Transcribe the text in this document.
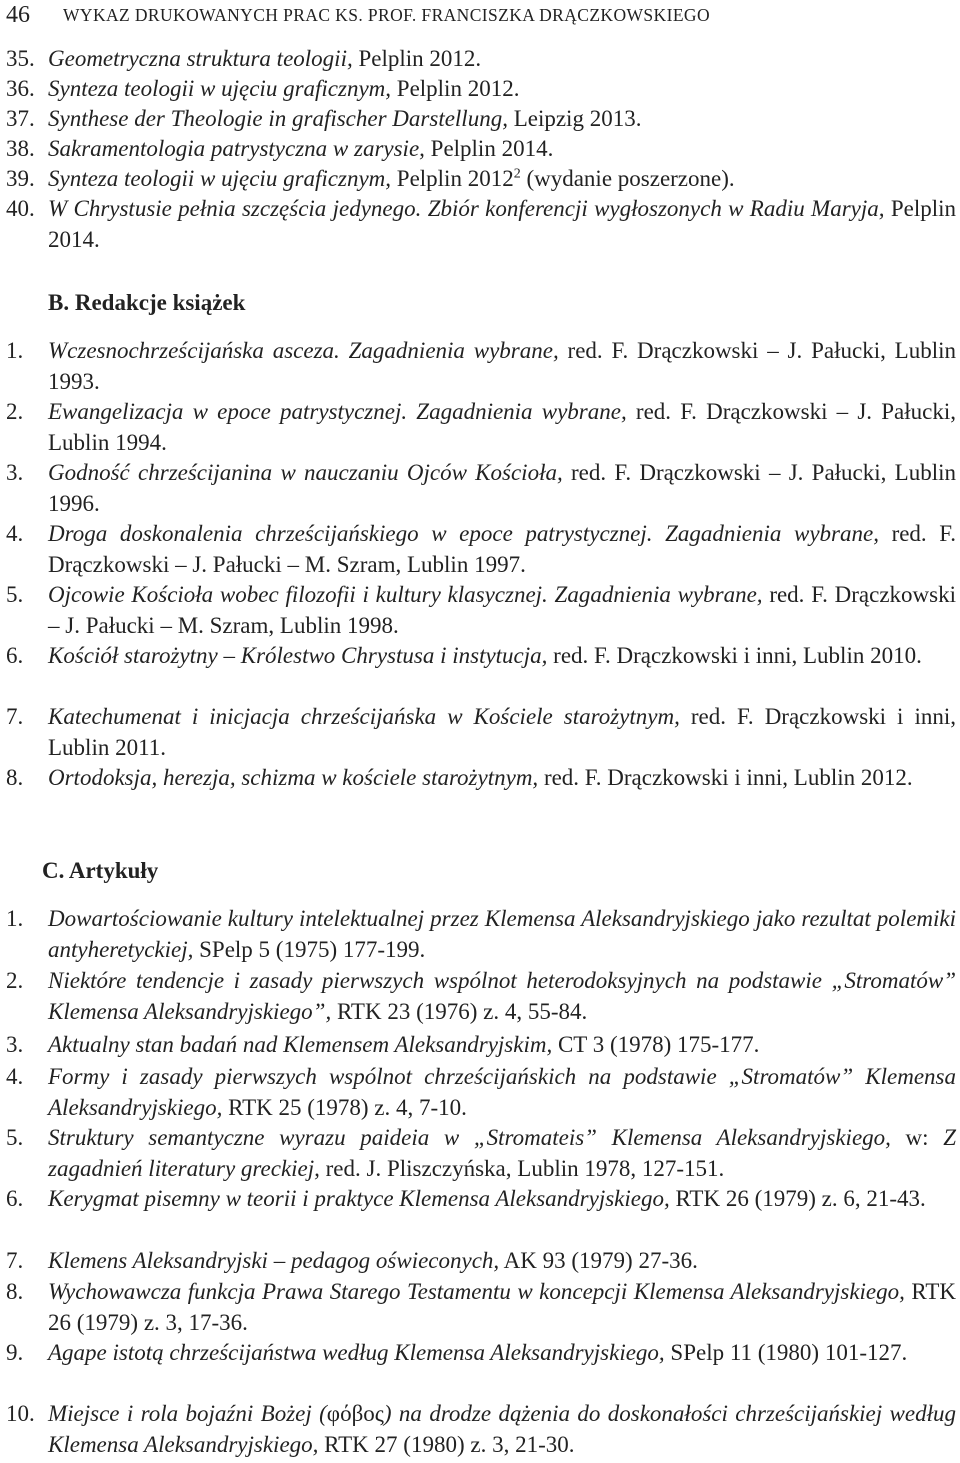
46 WYKAZ DRUKOWANYCH PRAC KS. PROF. FRANCISZKA DRĄCZKOWSKIEGO
35. Geometryczna struktura teologii, Pelplin 2012.
36. Synteza teologii w ujęciu graficznym, Pelplin 2012.
37. Synthese der Theologie in grafischer Darstellung, Leipzig 2013.
38. Sakramentologia patrystyczna w zarysie, Pelplin 2014.
39. Synteza teologii w ujęciu graficznym, Pelplin 2012$^2$ (wydanie poszerzone).
40. W Chrystusie pełnia szczęścia jedynego. Zbiór konferencji wygłoszonych w Radiu Maryja, Pelplin 2014.
B. Redakcje książek
1. Wczesnochrześcijańska asceza. Zagadnienia wybrane, red. F. Drączkowski – J. Pałucki, Lublin 1993.
2. Ewangelizacja w epoce patrystycznej. Zagadnienia wybrane, red. F. Drączkowski – J. Pałucki, Lublin 1994.
3. Godność chrześcijanina w nauczaniu Ojców Kościoła, red. F. Drączkowski – J. Pałucki, Lublin 1996.
4. Droga doskonalenia chrześcijańskiego w epoce patrystycznej. Zagadnienia wybrane, red. F. Drączkowski – J. Pałucki – M. Szram, Lublin 1997.
5. Ojcowie Kościoła wobec filozofii i kultury klasycznej. Zagadnienia wybrane, red. F. Drączkowski – J. Pałucki – M. Szram, Lublin 1998.
6. Kościół starożytny – Królestwo Chrystusa i instytucja, red. F. Drączkowski i inni, Lublin 2010.
7. Katechumenat i inicjacja chrześcijańska w Kościele starożytnym, red. F. Drączkowski i inni, Lublin 2011.
8. Ortodoksja, herezja, schizma w kościele starożytnym, red. F. Drączkowski i inni, Lublin 2012.
C. Artykuły
1. Dowartościowanie kultury intelektualnej przez Klemensa Aleksandryjskiego jako rezultat polemiki antyheretyckiej, SPelp 5 (1975) 177-199.
2. Niektóre tendencje i zasady pierwszych wspólnot heterodoksyjnych na podstawie „Stromatów” Klemensa Aleksandryjskiego”, RTK 23 (1976) z. 4, 55-84.
3. Aktualny stan badań nad Klemensem Aleksandryjskim, CT 3 (1978) 175-177.
4. Formy i zasady pierwszych wspólnot chrześcijańskich na podstawie „Stromatów” Klemensa Aleksandryjskiego, RTK 25 (1978) z. 4, 7-10.
5. Struktury semantyczne wyrazu paideia w „Stromateis” Klemensa Aleksandryjskiego, w: Z zagadnień literatury greckiej, red. J. Pliszczyńska, Lublin 1978, 127-151.
6. Kerygmat pisemny w teorii i praktyce Klemensa Aleksandryjskiego, RTK 26 (1979) z. 6, 21-43.
7. Klemens Aleksandryjski – pedagog oświeconych, AK 93 (1979) 27-36.
8. Wychowawcza funkcja Prawa Starego Testamentu w koncepcji Klemensa Aleksandryjskiego, RTK 26 (1979) z. 3, 17-36.
9. Agape istotą chrześcijaństwa według Klemensa Aleksandryjskiego, SPelp 11 (1980) 101-127.
10. Miejsce i rola bojaźni Bożej (φόβος) na drodze dążenia do doskonałości chrześcijańskiej według Klemensa Aleksandryjskiego, RTK 27 (1980) z. 3, 21-30.
